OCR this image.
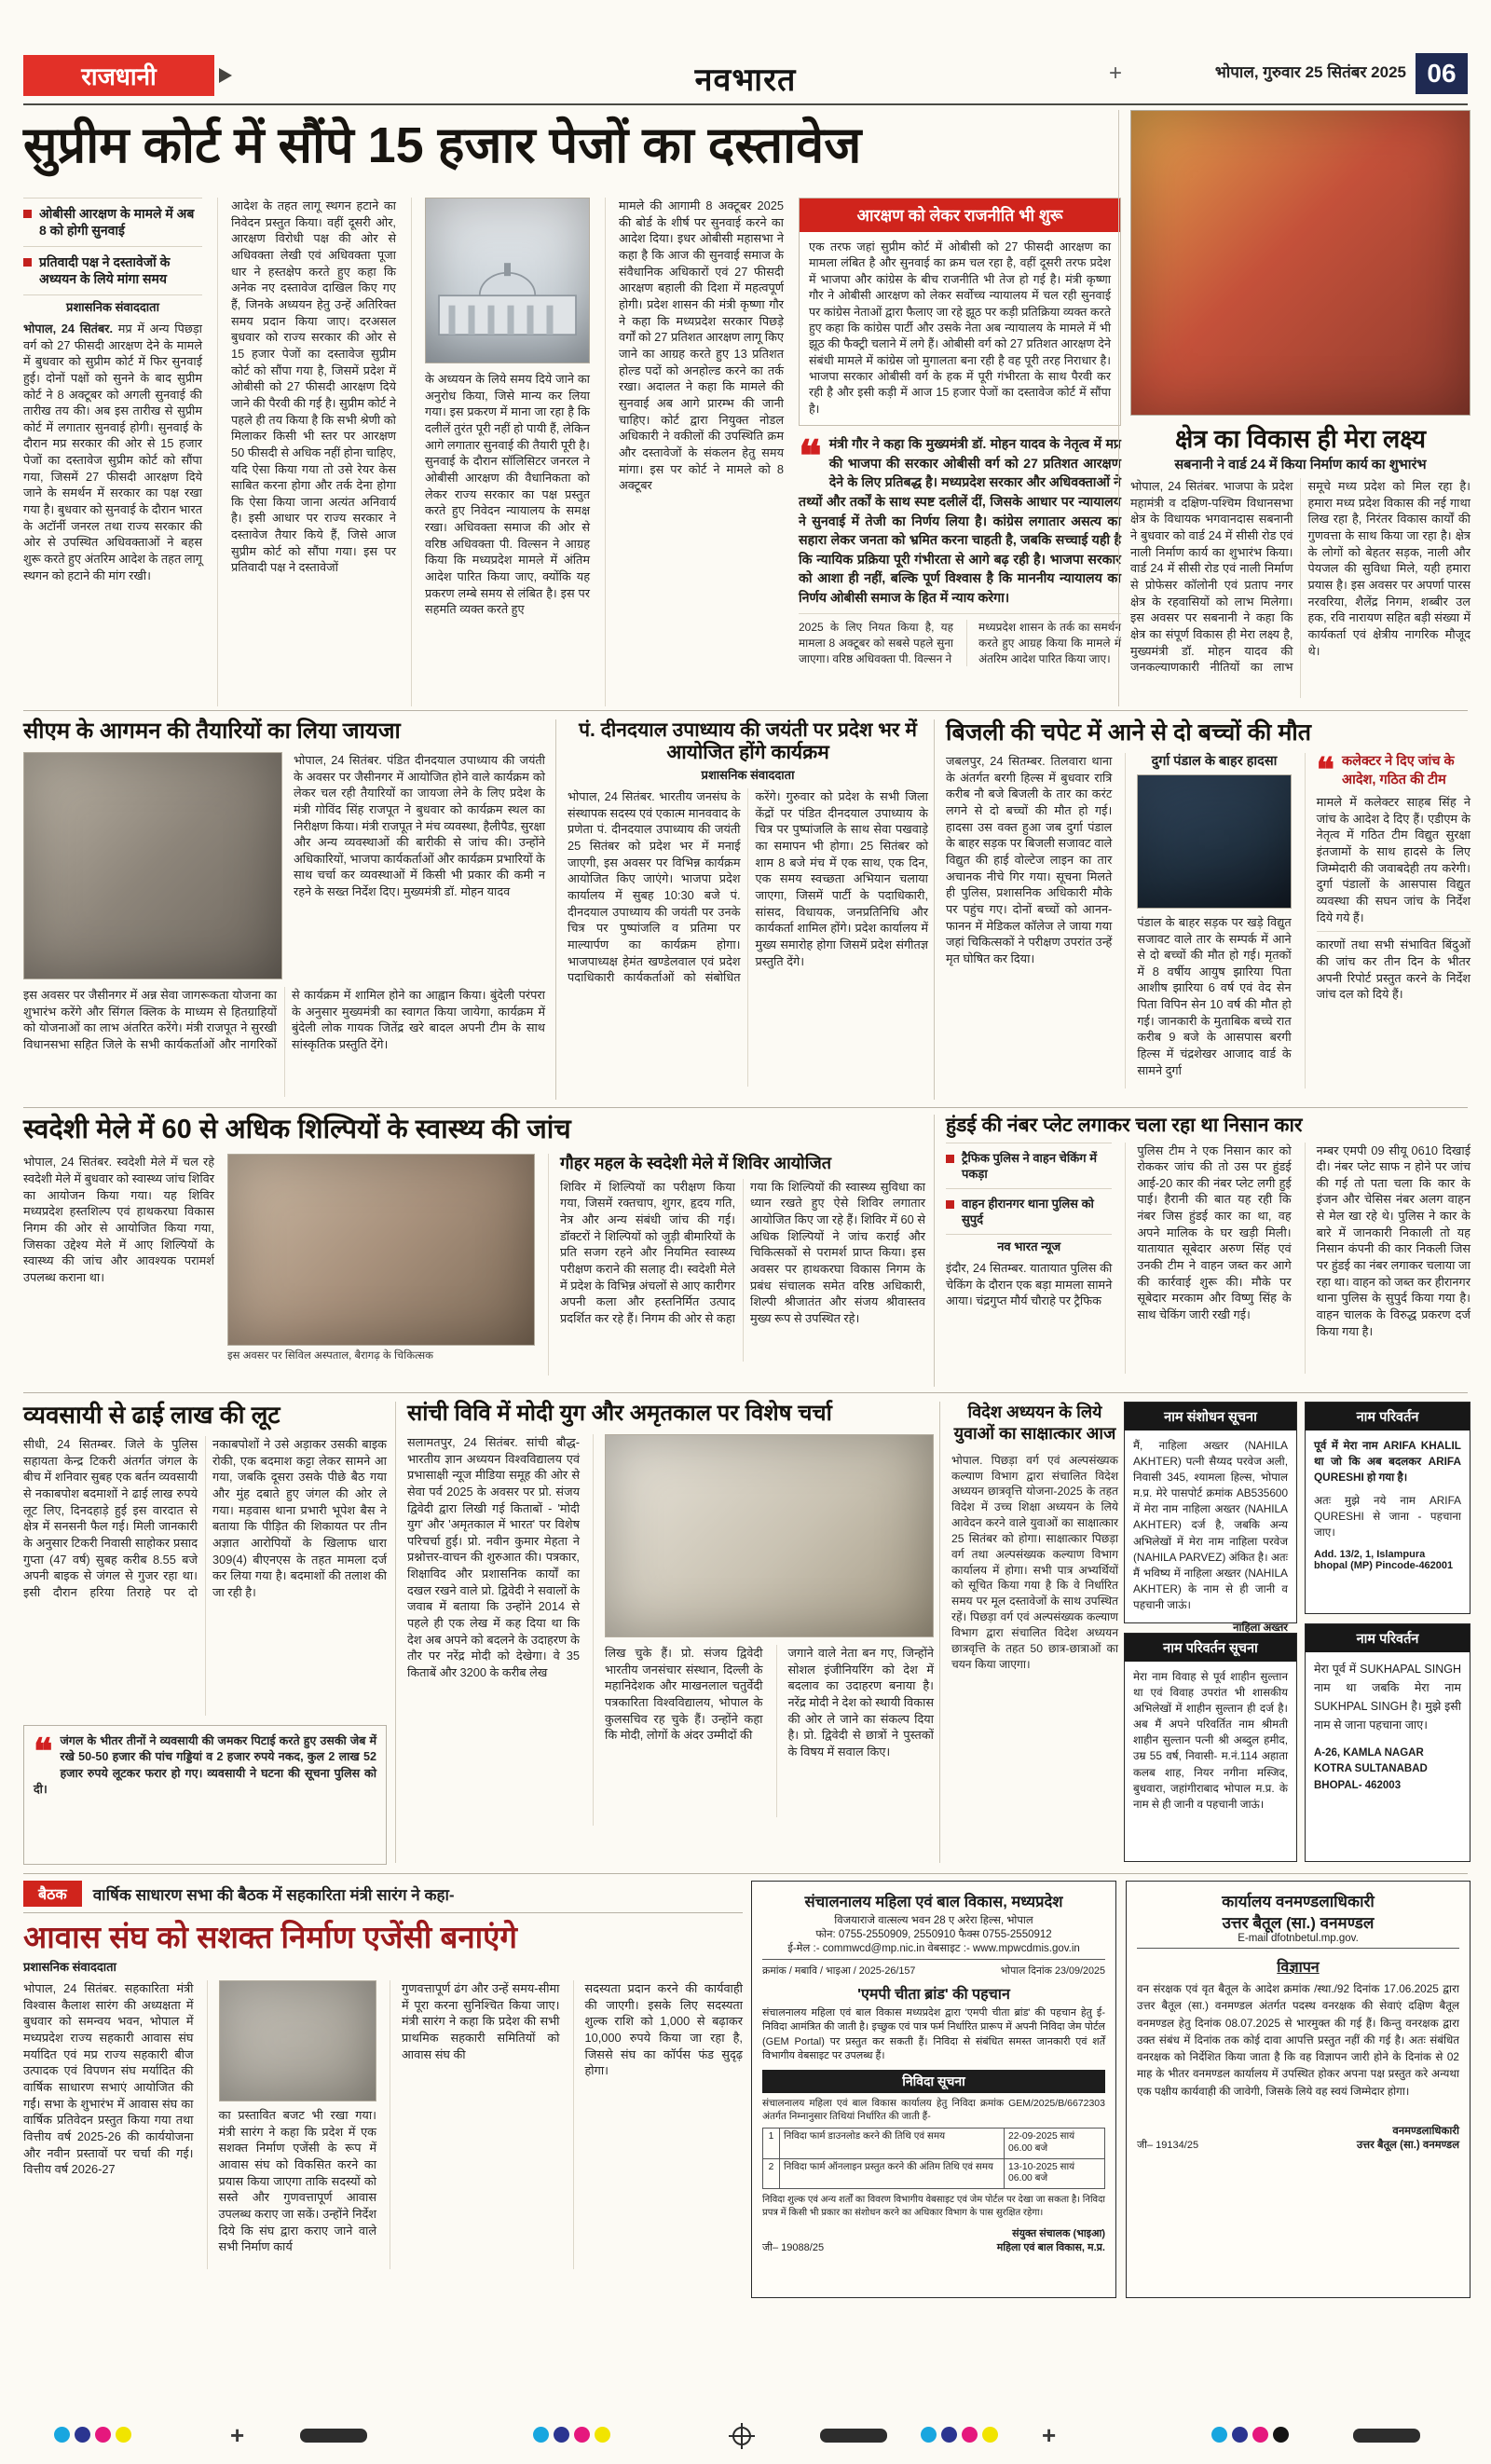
राजधानी	नवभारत	+	भोपाल, गुरुवार 25 सितंबर 2025 06
सुप्रीम कोर्ट में सौंपे 15 हजार पेजों का दस्तावेज
ओबीसी आरक्षण के मामले में अब 8 को होगी सुनवाई
प्रतिवादी पक्ष ने दस्तावेजों के अध्ययन के लिये मांगा समय
प्रशासनिक संवाददाता

भोपाल, 24 सितंबर. मप्र में अन्य पिछड़ा वर्ग को 27 फीसदी आरक्षण देने के मामले में बुधवार को सुप्रीम कोर्ट में फिर सुनवाई हुई। दोनों पक्षों को सुनने के बाद सुप्रीम कोर्ट ने 8 अक्टूबर को अगली सुनवाई की तारीख तय की। अब इस तारीख से सुप्रीम कोर्ट में लगातार सुनवाई होगी। सुनवाई के दौरान मप्र सरकार की ओर से 15 हजार पेजों का दस्तावेज सुप्रीम कोर्ट को सौंपा गया, जिसमें 27 फीसदी आरक्षण दिये जाने के समर्थन में सरकार का पक्ष रखा गया है। बुधवार को सुनवाई के दौरान भारत के अटॉर्नी जनरल तथा राज्य सरकार की ओर से उपस्थित अधिवक्ताओं ने बहस शुरू करते हुए अंतरिम आदेश के तहत लागू स्थगन को हटाने की मांग रखी।

आदेश के तहत लागू स्थगन हटाने का निवेदन प्रस्तुत किया। वहीं दूसरी ओर, आरक्षण विरोधी पक्ष की ओर से अधिवक्ता लेखी एवं अधिवक्ता पूजा धार ने हस्तक्षेप करते हुए कहा कि अनेक नए दस्तावेज दाखिल किए गए हैं, जिनके अध्ययन हेतु उन्हें अतिरिक्त समय प्रदान किया जाए। दरअसल बुधवार को राज्य सरकार की ओर से 15 हजार पेजों का दस्तावेज सुप्रीम कोर्ट को सौंपा गया है, जिसमें प्रदेश में ओबीसी को 27 फीसदी आरक्षण दिये जाने की पैरवी की गई है। सुप्रीम कोर्ट ने पहले ही तय किया है कि सभी श्रेणी को मिलाकर किसी भी स्तर पर आरक्षण 50 फीसदी से अधिक नहीं होना चाहिए, यदि ऐसा किया गया तो उसे रेयर केस साबित करना होगा और तर्क देना होगा कि ऐसा किया जाना अत्यंत अनिवार्य है। इसी आधार पर राज्य सरकार ने दस्तावेज तैयार किये हैं, जिसे आज सुप्रीम कोर्ट को सौंपा गया। इस पर प्रतिवादी पक्ष ने दस्तावेजों

के अध्ययन के लिये समय दिये जाने का अनुरोध किया, जिसे मान्य कर लिया गया। इस प्रकरण में माना जा रहा है कि दलीलें तुरंत पूरी नहीं हो पायी हैं, लेकिन आगे लगातार सुनवाई की तैयारी पूरी है। सुनवाई के दौरान सॉलिसिटर जनरल ने ओबीसी आरक्षण की वैधानिकता को लेकर राज्य सरकार का पक्ष प्रस्तुत करते हुए निवेदन न्यायालय के समक्ष रखा। अधिवक्ता समाज की ओर से वरिष्ठ अधिवक्ता पी. विल्सन ने आग्रह किया कि मध्यप्रदेश मामले में अंतिम आदेश पारित किया जाए, क्योंकि यह प्रकरण लम्बे समय से लंबित है। इस पर सहमति व्यक्त करते हुए

मामले की आगामी 8 अक्टूबर 2025 की बोर्ड के शीर्ष पर सुनवाई करने का आदेश दिया। इधर ओबीसी महासभा ने कहा है कि आज की सुनवाई समाज के संवैधानिक अधिकारों एवं 27 फीसदी आरक्षण बहाली की दिशा में महत्वपूर्ण होगी। प्रदेश शासन की मंत्री कृष्णा गौर ने कहा कि मध्यप्रदेश सरकार पिछड़े वर्गों को 27 प्रतिशत आरक्षण लागू किए जाने का आग्रह करते हुए 13 प्रतिशत होल्ड पदों को अनहोल्ड करने का तर्क रखा। अदालत ने कहा कि मामले की सुनवाई अब आगे प्रारम्भ की जानी चाहिए। कोर्ट द्वारा नियुक्त नोडल अधिकारी ने वकीलों की उपस्थिति क्रम और दस्तावेजों के संकलन हेतु समय मांगा। इस पर कोर्ट ने मामले को 8 अक्टूबर

आरक्षण को लेकर राजनीति भी शुरू

एक तरफ जहां सुप्रीम कोर्ट में ओबीसी को 27 फीसदी आरक्षण का मामला लंबित है और सुनवाई का क्रम चल रहा है, वहीं दूसरी तरफ प्रदेश में भाजपा और कांग्रेस के बीच राजनीति भी तेज हो गई है। मंत्री कृष्णा गौर ने ओबीसी आरक्षण को लेकर सर्वोच्च न्यायालय में चल रही सुनवाई पर कांग्रेस नेताओं द्वारा फैलाए जा रहे झूठ पर कड़ी प्रतिक्रिया व्यक्त करते हुए कहा कि कांग्रेस पार्टी और उसके नेता अब न्यायालय के मामले में भी झूठ की फैक्ट्री चलाने में लगे हैं। ओबीसी वर्ग को 27 प्रतिशत आरक्षण देने संबंधी मामले में कांग्रेस जो मुगालता बना रही है वह पूरी तरह निराधार है। भाजपा सरकार ओबीसी वर्ग के हक में पूरी गंभीरता के साथ पैरवी कर रही है और इसी कड़ी में आज 15 हजार पेजों का दस्तावेज कोर्ट में सौंपा है।

❝ मंत्री गौर ने कहा कि मुख्यमंत्री डॉ. मोहन यादव के नेतृत्व में मप्र की भाजपा की सरकार ओबीसी वर्ग को 27 प्रतिशत आरक्षण देने के लिए प्रतिबद्ध है। मध्यप्रदेश सरकार और अधिवक्ताओं ने तथ्यों और तर्कों के साथ स्पष्ट दलीलें दीं, जिसके आधार पर न्यायालय ने सुनवाई में तेजी का निर्णय लिया है। कांग्रेस लगातार असत्य का सहारा लेकर जनता को भ्रमित करना चाहती है, जबकि सच्चाई यही है कि न्यायिक प्रक्रिया पूरी गंभीरता से आगे बढ़ रही है। भाजपा सरकार को आशा ही नहीं, बल्कि पूर्ण विश्वास है कि माननीय न्यायालय का निर्णय ओबीसी समाज के हित में न्याय करेगा।

2025 के लिए नियत किया है, यह मामला 8 अक्टूबर को सबसे पहले सुना जाएगा। वरिष्ठ अधिवक्ता पी. विल्सन ने

मध्यप्रदेश शासन के तर्क का समर्थन करते हुए आग्रह किया कि मामले में अंतरिम आदेश पारित किया जाए।

क्षेत्र का विकास ही मेरा लक्ष्य
सबनानी ने वार्ड 24 में किया निर्माण कार्य का शुभारंभ

भोपाल, 24 सितंबर. भाजपा के प्रदेश महामंत्री व दक्षिण-पश्चिम विधानसभा क्षेत्र के विधायक भगवानदास सबनानी ने बुधवार को वार्ड 24 में सीसी रोड एवं नाली निर्माण कार्य का शुभारंभ किया। वार्ड 24 में सीसी रोड एवं नाली निर्माण से प्रोफेसर कॉलोनी एवं प्रताप नगर क्षेत्र के रहवासियों को लाभ मिलेगा। इस अवसर पर सबनानी ने कहा कि क्षेत्र का संपूर्ण विकास ही मेरा लक्ष्य है, मुख्यमंत्री डॉ. मोहन यादव की जनकल्याणकारी नीतियों का लाभ समूचे मध्य प्रदेश को मिल रहा है। हमारा मध्य प्रदेश विकास की नई गाथा लिख रहा है, निरंतर विकास कार्यों की गुणवत्ता के साथ किया जा रहा है। क्षेत्र के लोगों को बेहतर सड़क, नाली और पेयजल की सुविधा मिले, यही हमारा प्रयास है। इस अवसर पर अपर्णा पारस नरवरिया, शैलेंद्र निगम, शब्बीर उल हक, रवि नारायण सहित बड़ी संख्या में कार्यकर्ता एवं क्षेत्रीय नागरिक मौजूद थे।

सीएम के आगमन की तैयारियों का लिया जायजा

भोपाल, 24 सितंबर. पंडित दीनदयाल उपाध्याय की जयंती के अवसर पर जैसीनगर में आयोजित होने वाले कार्यक्रम को लेकर चल रही तैयारियों का जायजा लेने के लिए प्रदेश के मंत्री गोविंद सिंह राजपूत ने बुधवार को कार्यक्रम स्थल का निरीक्षण किया। मंत्री राजपूत ने मंच व्यवस्था, हैलीपैड, सुरक्षा और अन्य व्यवस्थाओं की बारीकी से जांच की। उन्होंने अधिकारियों, भाजपा कार्यकर्ताओं और कार्यक्रम प्रभारियों के साथ चर्चा कर व्यवस्थाओं में किसी भी प्रकार की कमी न रहने के सख्त निर्देश दिए। मुख्यमंत्री डॉ. मोहन यादव

इस अवसर पर जैसीनगर में अन्न सेवा जागरूकता योजना का शुभारंभ करेंगे और सिंगल क्लिक के माध्यम से हितग्राहियों को योजनाओं का लाभ अंतरित करेंगे। मंत्री राजपूत ने सुरखी विधानसभा सहित जिले के सभी कार्यकर्ताओं और नागरिकों से कार्यक्रम में शामिल होने का आह्वान किया। बुंदेली परंपरा के अनुसार मुख्यमंत्री का स्वागत किया जायेगा, कार्यक्रम में बुंदेली लोक गायक जितेंद्र खरे बादल अपनी टीम के साथ सांस्कृतिक प्रस्तुति देंगे।

पं. दीनदयाल उपाध्याय की जयंती पर प्रदेश भर में आयोजित होंगे कार्यक्रम
प्रशासनिक संवाददाता

भोपाल, 24 सितंबर. भारतीय जनसंघ के संस्थापक सदस्य एवं एकात्म मानववाद के प्रणेता पं. दीनदयाल उपाध्याय की जयंती 25 सितंबर को प्रदेश भर में मनाई जाएगी, इस अवसर पर विभिन्न कार्यक्रम आयोजित किए जाएंगे। भाजपा प्रदेश कार्यालय में सुबह 10:30 बजे पं. दीनदयाल उपाध्याय की जयंती पर उनके चित्र पर पुष्पांजलि व प्रतिमा पर माल्यार्पण का कार्यक्रम होगा। भाजपाध्यक्ष हेमंत खण्डेलवाल एवं प्रदेश पदाधिकारी कार्यकर्ताओं को संबोधित करेंगे। गुरुवार को प्रदेश के सभी जिला केंद्रों पर पंडित दीनदयाल उपाध्याय के चित्र पर पुष्पांजलि के साथ सेवा पखवाड़े का समापन भी होगा। 25 सितंबर को शाम 8 बजे मंच में एक साथ, एक दिन, एक समय स्वच्छता अभियान चलाया जाएगा, जिसमें पार्टी के पदाधिकारी, सांसद, विधायक, जनप्रतिनिधि और कार्यकर्ता शामिल होंगे। प्रदेश कार्यालय में मुख्य समारोह होगा जिसमें प्रदेश संगीतज्ञ प्रस्तुति देंगे।

बिजली की चपेट में आने से दो बच्चों की मौत

जबलपुर, 24 सितम्बर. तिलवारा थाना के अंतर्गत बरगी हिल्स में बुधवार रात्रि करीब नौ बजे बिजली के तार का करंट लगने से दो बच्चों की मौत हो गई। हादसा उस वक्त हुआ जब दुर्गा पंडाल के बाहर सड़क पर बिजली सजावट वाले विद्युत की हाई वोल्टेज लाइन का तार अचानक नीचे गिर गया। सूचना मिलते ही पुलिस, प्रशासनिक अधिकारी मौके पर पहुंच गए। दोनों बच्चों को आनन-फानन में मेडिकल कॉलेज ले जाया गया जहां चिकित्सकों ने परीक्षण उपरांत उन्हें मृत घोषित कर दिया।

दुर्गा पंडाल के बाहर हादसा

पंडाल के बाहर सड़क पर खड़े विद्युत सजावट वाले तार के सम्पर्क में आने से दो बच्चों की मौत हो गई। मृतकों में 8 वर्षीय आयुष झारिया पिता आशीष झारिया 6 वर्ष एवं वेद सेन पिता विपिन सेन 10 वर्ष की मौत हो गई। जानकारी के मुताबिक बच्चे रात करीब 9 बजे के आसपास बरगी हिल्स में चंद्रशेखर आजाद वार्ड के सामने दुर्गा

❝ कलेक्टर ने दिए जांच के आदेश, गठित की टीम

मामले में कलेक्टर साहब सिंह ने जांच के आदेश दे दिए हैं। एडीएम के नेतृत्व में गठित टीम विद्युत सुरक्षा इंतजामों के साथ हादसे के लिए जिम्मेदारी की जवाबदेही तय करेगी। दुर्गा पंडालों के आसपास विद्युत व्यवस्था की सघन जांच के निर्देश दिये गये हैं।

कारणों तथा सभी संभावित बिंदुओं की जांच कर तीन दिन के भीतर अपनी रिपोर्ट प्रस्तुत करने के निर्देश जांच दल को दिये हैं।

स्वदेशी मेले में 60 से अधिक शिल्पियों के स्वास्थ्य की जांच

भोपाल, 24 सितंबर. स्वदेशी मेले में चल रहे स्वदेशी मेले में बुधवार को स्वास्थ्य जांच शिविर का आयोजन किया गया। यह शिविर मध्यप्रदेश हस्तशिल्प एवं हाथकरघा विकास निगम की ओर से आयोजित किया गया, जिसका उद्देश्य मेले में आए शिल्पियों के स्वास्थ्य की जांच और आवश्यक परामर्श उपलब्ध कराना था।

इस अवसर पर सिविल अस्पताल, बैरागढ़ के चिकित्सक
गौहर महल के स्वदेशी मेले में शिविर आयोजित

शिविर में शिल्पियों का परीक्षण किया गया, जिसमें रक्तचाप, शुगर, हृदय गति, नेत्र और अन्य संबंधी जांच की गई। डॉक्टरों ने शिल्पियों को जुड़ी बीमारियों के प्रति सजग रहने और नियमित स्वास्थ्य परीक्षण कराने की सलाह दी। स्वदेशी मेले में प्रदेश के विभिन्न अंचलों से आए कारीगर अपनी कला और हस्तनिर्मित उत्पाद प्रदर्शित कर रहे हैं। निगम की ओर से कहा गया कि शिल्पियों की स्वास्थ्य सुविधा का ध्यान रखते हुए ऐसे शिविर लगातार आयोजित किए जा रहे हैं। शिविर में 60 से अधिक शिल्पियों ने जांच कराई और चिकित्सकों से परामर्श प्राप्त किया। इस अवसर पर हाथकरघा विकास निगम के प्रबंध संचालक समेत वरिष्ठ अधिकारी, शिल्पी श्रीजातंत और संजय श्रीवास्तव मुख्य रूप से उपस्थित रहे।

हुंडई की नंबर प्लेट लगाकर चला रहा था निसान कार
ट्रैफिक पुलिस ने वाहन चेकिंग में पकड़ा
वाहन हीरानगर थाना पुलिस को सुपुर्द
नव भारत न्यूज

इंदौर, 24 सितम्बर. यातायात पुलिस की चेकिंग के दौरान एक बड़ा मामला सामने आया। चंद्रगुप्त मौर्य चौराहे पर ट्रैफिक

पुलिस टीम ने एक निसान कार को रोककर जांच की तो उस पर हुंडई आई-20 कार की नंबर प्लेट लगी हुई पाई। हैरानी की बात यह रही कि नंबर जिस हुंडई कार का था, वह अपने मालिक के घर खड़ी मिली। यातायात सूबेदार अरुण सिंह एवं उनकी टीम ने वाहन जब्त कर आगे की कार्रवाई शुरू की। मौके पर सूबेदार मरकाम और विष्णु सिंह के साथ चेकिंग जारी रखी गई।

नम्बर एमपी 09 सीयू 0610 दिखाई दी। नंबर प्लेट साफ न होने पर जांच की गई तो पता चला कि कार के इंजन और चेसिस नंबर अलग वाहन से मेल खा रहे थे। पुलिस ने कार के बारे में जानकारी निकाली तो यह निसान कंपनी की कार निकली जिस पर हुंडई का नंबर लगाकर चलाया जा रहा था। वाहन को जब्त कर हीरानगर थाना पुलिस के सुपुर्द किया गया है। वाहन चालक के विरुद्ध प्रकरण दर्ज किया गया है।

व्यवसायी से ढाई लाख की लूट

सीधी, 24 सितम्बर. जिले के पुलिस सहायता केन्द्र टिकरी अंतर्गत जंगल के बीच में शनिवार सुबह एक बर्तन व्यवसायी से नकाबपोश बदमाशों ने ढाई लाख रुपये लूट लिए, दिनदहाड़े हुई इस वारदात से क्षेत्र में सनसनी फैल गई। मिली जानकारी के अनुसार टिकरी निवासी साहोकर प्रसाद गुप्ता (47 वर्ष) सुबह करीब 8.55 बजे अपनी बाइक से जंगल से गुजर रहा था। इसी दौरान हरिया तिराहे पर दो नकाबपोशों ने उसे अड़ाकर उसकी बाइक रोकी, एक बदमाश कट्टा लेकर सामने आ गया, जबकि दूसरा उसके पीछे बैठ गया और मुंह दबाते हुए जंगल की ओर ले गया। मड़वास थाना प्रभारी भूपेश बैस ने बताया कि पीड़ित की शिकायत पर तीन अज्ञात आरोपियों के खिलाफ धारा 309(4) बीएनएस के तहत मामला दर्ज कर लिया गया है। बदमाशों की तलाश की जा रही है।

❝ जंगल के भीतर तीनों ने व्यवसायी की जमकर पिटाई करते हुए उसकी जेब में रखे 50-50 हजार की पांच गड्डियां व 2 हजार रुपये नकद, कुल 2 लाख 52 हजार रुपये लूटकर फरार हो गए। व्यवसायी ने घटना की सूचना पुलिस को दी।

सांची विवि में मोदी युग और अमृतकाल पर विशेष चर्चा

सलामतपुर, 24 सितंबर. सांची बौद्ध-भारतीय ज्ञान अध्ययन विश्वविद्यालय एवं प्रभासाक्षी न्यूज मीडिया समूह की ओर से सेवा पर्व 2025 के अवसर पर प्रो. संजय द्विवेदी द्वारा लिखी गई किताबों - 'मोदी युग' और 'अमृतकाल में भारत' पर विशेष परिचर्चा हुई। प्रो. नवीन कुमार मेहता ने प्रश्नोत्तर-वाचन की शुरुआत की। पत्रकार, शिक्षाविद और प्रशासनिक कार्यों का दखल रखने वाले प्रो. द्विवेदी ने सवालों के जवाब में बताया कि उन्होंने 2014 से पहले ही एक लेख में कह दिया था कि देश अब अपने को बदलने के उदाहरण के तौर पर नरेंद्र मोदी को देखेगा। वे 35 किताबें और 3200 के करीब लेख

लिख चुके हैं। प्रो. संजय द्विवेदी भारतीय जनसंचार संस्थान, दिल्ली के महानिदेशक और माखनलाल चतुर्वेदी पत्रकारिता विश्वविद्यालय, भोपाल के कुलसचिव रह चुके हैं। उन्होंने कहा कि मोदी, लोगों के अंदर उम्मीदों की

जगाने वाले नेता बन गए, जिन्होंने सोशल इंजीनियरिंग को देश में बदलाव का उदाहरण बनाया है। नरेंद्र मोदी ने देश को स्थायी विकास की ओर ले जाने का संकल्प दिया है। प्रो. द्विवेदी से छात्रों ने पुस्तकों के विषय में सवाल किए।

विदेश अध्ययन के लिये युवाओं का साक्षात्कार आज

भोपाल. पिछड़ा वर्ग एवं अल्पसंख्यक कल्याण विभाग द्वारा संचालित विदेश अध्ययन छात्रवृत्ति योजना-2025 के तहत विदेश में उच्च शिक्षा अध्ययन के लिये आवेदन करने वाले युवाओं का साक्षात्कार 25 सितंबर को होगा। साक्षात्कार पिछड़ा वर्ग तथा अल्पसंख्यक कल्याण विभाग कार्यालय में होगा। सभी पात्र अभ्यर्थियों को सूचित किया गया है कि वे निर्धारित समय पर मूल दस्तावेजों के साथ उपस्थित रहें। पिछड़ा वर्ग एवं अल्पसंख्यक कल्याण विभाग द्वारा संचालित विदेश अध्ययन छात्रवृत्ति के तहत 50 छात्र-छात्राओं का चयन किया जाएगा।

नाम संशोधन सूचना

मैं, नाहिला अख्तर (NAHILA AKHTER) पत्नी सैय्यद परवेज अली, निवासी 345, श्यामला हिल्स, भोपाल म.प्र. मेरे पासपोर्ट क्रमांक AB535600 में मेरा नाम नाहिला अख्तर (NAHILA AKHTER) दर्ज है, जबकि अन्य अभिलेखों में मेरा नाम नाहिला परवेज (NAHILA PARVEZ) अंकित है। अतः मैं भविष्य में नाहिला अख्तर (NAHILA AKHTER) के नाम से ही जानी व पहचानी जाऊं।

नाहिला अख्तर
नाम परिवर्तन सूचना

मेरा नाम विवाह से पूर्व शाहीन सुल्तान था एवं विवाह उपरांत भी शासकीय अभिलेखों में शाहीन सुल्तान ही दर्ज है। अब मैं अपने परिवर्तित नाम श्रीमती शाहीन सुल्तान पत्नी श्री अब्दुल हमीद, उम्र 55 वर्ष, निवासी- म.नं.114 अहाता कलब शाह, नियर नगीना मस्जिद, बुधवारा, जहांगीराबाद भोपाल म.प्र. के नाम से ही जानी व पहचानी जाऊं।

नाम परिवर्तन

पूर्व में मेरा नाम ARIFA KHALIL था जो कि अब बदलकर ARIFA QURESHI हो गया है।

अतः मुझे नये नाम ARIFA QURESHI से जाना - पहचाना जाए।

Add. 13/2, 1, Islampura bhopal (MP) Pincode-462001
नाम परिवर्तन

मेरा पूर्व में SUKHAPAL SINGH नाम था जबकि मेरा नाम SUKHPAL SINGH है। मुझे इसी नाम से जाना पहचाना जाए।

A-26, KAMLA NAGAR KOTRA SULTANABAD BHOPAL- 462003
बैठक	वार्षिक साधारण सभा की बैठक में सहकारिता मंत्री सारंग ने कहा-
आवास संघ को सशक्त निर्माण एजेंसी बनाएंगे
प्रशासनिक संवाददाता

भोपाल, 24 सितंबर. सहकारिता मंत्री विश्वास कैलाश सारंग की अध्यक्षता में बुधवार को समन्वय भवन, भोपाल में मध्यप्रदेश राज्य सहकारी आवास संघ मर्यादित एवं मप्र राज्य सहकारी बीज उत्पादक एवं विपणन संघ मर्यादित की वार्षिक साधारण सभाएं आयोजित की गईं। सभा के शुभारंभ में आवास संघ का वार्षिक प्रतिवेदन प्रस्तुत किया गया तथा वित्तीय वर्ष 2025-26 की कार्ययोजना और नवीन प्रस्तावों पर चर्चा की गई। वित्तीय वर्ष 2026-27

का प्रस्तावित बजट भी रखा गया। मंत्री सारंग ने कहा कि प्रदेश में एक सशक्त निर्माण एजेंसी के रूप में आवास संघ को विकसित करने का प्रयास किया जाएगा ताकि सदस्यों को सस्ते और गुणवत्तापूर्ण आवास उपलब्ध कराए जा सकें। उन्होंने निर्देश दिये कि संघ द्वारा कराए जाने वाले सभी निर्माण कार्य

गुणवत्तापूर्ण ढंग और उन्हें समय-सीमा में पूरा करना सुनिश्चित किया जाए। मंत्री सारंग ने कहा कि प्रदेश की सभी प्राथमिक सहकारी समितियों को आवास संघ की

सदस्यता प्रदान करने की कार्यवाही की जाएगी। इसके लिए सदस्यता शुल्क राशि को 1,000 से बढ़ाकर 10,000 रुपये किया जा रहा है, जिससे संघ का कॉर्पस फंड सुदृढ़ होगा।

संचालनालय महिला एवं बाल विकास, मध्यप्रदेश
विजयाराजे वात्सल्य भवन 28 ए अरेरा हिल्स, भोपाल
फोन: 0755-2550909, 2550910 फैक्स 0755-2550912
ई-मेल :- commwcd@mp.nic.in वेबसाइट :- www.mpwcdmis.gov.in
क्रमांक / मबावि / भाइआ / 2025-26/157	भोपाल दिनांक 23/09/2025
'एमपी चीता ब्रांड' की पहचान

संचालनालय महिला एवं बाल विकास मध्यप्रदेश द्वारा 'एमपी चीता ब्रांड' की पहचान हेतु ई-निविदा आमंत्रित की जाती है। इच्छुक एवं पात्र फर्म निर्धारित प्रारूप में अपनी निविदा जेम पोर्टल (GEM Portal) पर प्रस्तुत कर सकती हैं। निविदा से संबंधित समस्त जानकारी एवं शर्तें विभागीय वेबसाइट पर उपलब्ध हैं।

निविदा सूचना

संचालनालय महिला एवं बाल विकास कार्यालय हेतु निविदा क्रमांक GEM/2025/B/6672303 अंतर्गत निम्नानुसार तिथियां निर्धारित की जाती हैं-

1	निविदा फार्म डाउनलोड करने की तिथि एवं समय	22-09-2025 सायं 06.00 बजे
2	निविदा फार्म ऑनलाइन प्रस्तुत करने की अंतिम तिथि एवं समय	13-10-2025 सायं 06.00 बजे

निविदा शुल्क एवं अन्य शर्तों का विवरण विभागीय वेबसाइट एवं जेम पोर्टल पर देखा जा सकता है। निविदा प्रपत्र में किसी भी प्रकार का संशोधन करने का अधिकार विभाग के पास सुरक्षित रहेगा।

जी– 19088/25
संयुक्त संचालक (भाइआ)
महिला एवं बाल विकास, म.प्र.
कार्यालय वनमण्डलाधिकारी
उत्तर बैतूल (सा.) वनमण्डल
E-mail dfotnbetul.mp.gov.
विज्ञापन

वन संरक्षक एवं वृत बैतूल के आदेश क्रमांक /स्था./92 दिनांक 17.06.2025 द्वारा उत्तर बैतूल (सा.) वनमण्डल अंतर्गत पदस्थ वनरक्षक की सेवाएं दक्षिण बैतूल वनमण्डल हेतु दिनांक 08.07.2025 से भारमुक्त की गई हैं। किन्तु वनरक्षक द्वारा उक्त संबंध में दिनांक तक कोई दावा आपत्ति प्रस्तुत नहीं की गई है। अतः संबंधित वनरक्षक को निर्देशित किया जाता है कि वह विज्ञापन जारी होने के दिनांक से 02 माह के भीतर वनमण्डल कार्यालय में उपस्थित होकर अपना पक्ष प्रस्तुत करे अन्यथा एक पक्षीय कार्यवाही की जावेगी, जिसके लिये वह स्वयं जिम्मेदार होगा।

जी– 19134/25
वनमण्डलाधिकारी
उत्तर बैतूल (सा.) वनमण्डल
+	+
